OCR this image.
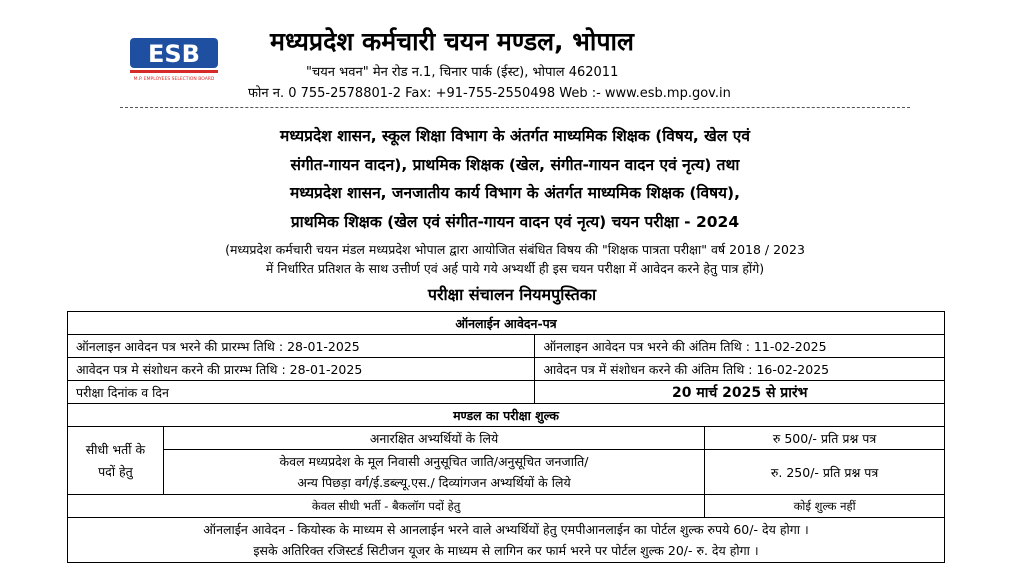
ESB
M.P. EMPLOYEES SELECTION BOARD
मध्यप्रदेश कर्मचारी चयन मण्डल, भोपाल
"चयन भवन" मेन रोड न.1, चिनार पार्क (ईस्ट), भोपाल 462011
फोन न. 0 755-2578801-2 Fax: +91-755-2550498 Web :- www.esb.mp.gov.in
मध्यप्रदेश शासन, स्कूल शिक्षा विभाग के अंतर्गत माध्यमिक शिक्षक (विषय, खेल एवं
संगीत-गायन वादन), प्राथमिक शिक्षक (खेल, संगीत-गायन वादन एवं नृत्य) तथा
मध्यप्रदेश शासन, जनजातीय कार्य विभाग के अंतर्गत माध्यमिक शिक्षक (विषय),
प्राथमिक शिक्षक (खेल एवं संगीत-गायन वादन एवं नृत्य) चयन परीक्षा - 2024
(मध्यप्रदेश कर्मचारी चयन मंडल मध्यप्रदेश भोपाल द्वारा आयोजित संबंधित विषय की "शिक्षक पात्रता परीक्षा" वर्ष 2018 / 2023
में निर्धारित प्रतिशत के साथ उत्तीर्ण एवं अर्ह पाये गये अभ्यर्थी ही इस चयन परीक्षा में आवेदन करने हेतु पात्र होंगे)
परीक्षा संचालन नियमपुस्तिका
ऑनलाईन आवेदन-पत्र			
ऑनलाइन आवेदन पत्र भरने की प्रारम्भ तिथि : 28-01-2025		ऑनलाइन आवेदन पत्र भरने की अंतिम तिथि : 11-02-2025	
आवेदन पत्र मे संशोधन करने की प्रारम्भ तिथि : 28-01-2025		आवेदन पत्र में संशोधन करने की अंतिम तिथि : 16-02-2025	
परीक्षा दिनांक व दिन		20 मार्च 2025 से प्रारंभ	
मण्डल का परीक्षा शुल्क			
सीधी भर्ती के पदों हेतु	अनारक्षित अभ्यर्थियों के लिये		रु 500/- प्रति प्रश्न पत्र

	केवल मध्यप्रदेश के मूल निवासी अनुसूचित जाति/अनुसूचित जनजाति/
अन्य पिछड़ा वर्ग/ई.डब्ल्यू.एस./ दिव्यांगजन अभ्यर्थियों के लिये		रु. 250/- प्रति प्रश्न पत्र
केवल सीधी भर्ती - बैकलॉग पदों हेतु			कोई शुल्क नहीं

ऑनलाईन आवेदन - कियोस्क के माध्यम से आनलाईन भरने वाले अभ्यर्थियों हेतु एमपीआनलाईन का पोर्टल शुल्क रुपये 60/- देय होगा ।
इसके अतिरिक्त रजिस्टर्ड सिटीजन यूजर के माध्यम से लागिन कर फार्म भरने पर पोर्टल शुल्क 20/- रु. देय होगा ।			
